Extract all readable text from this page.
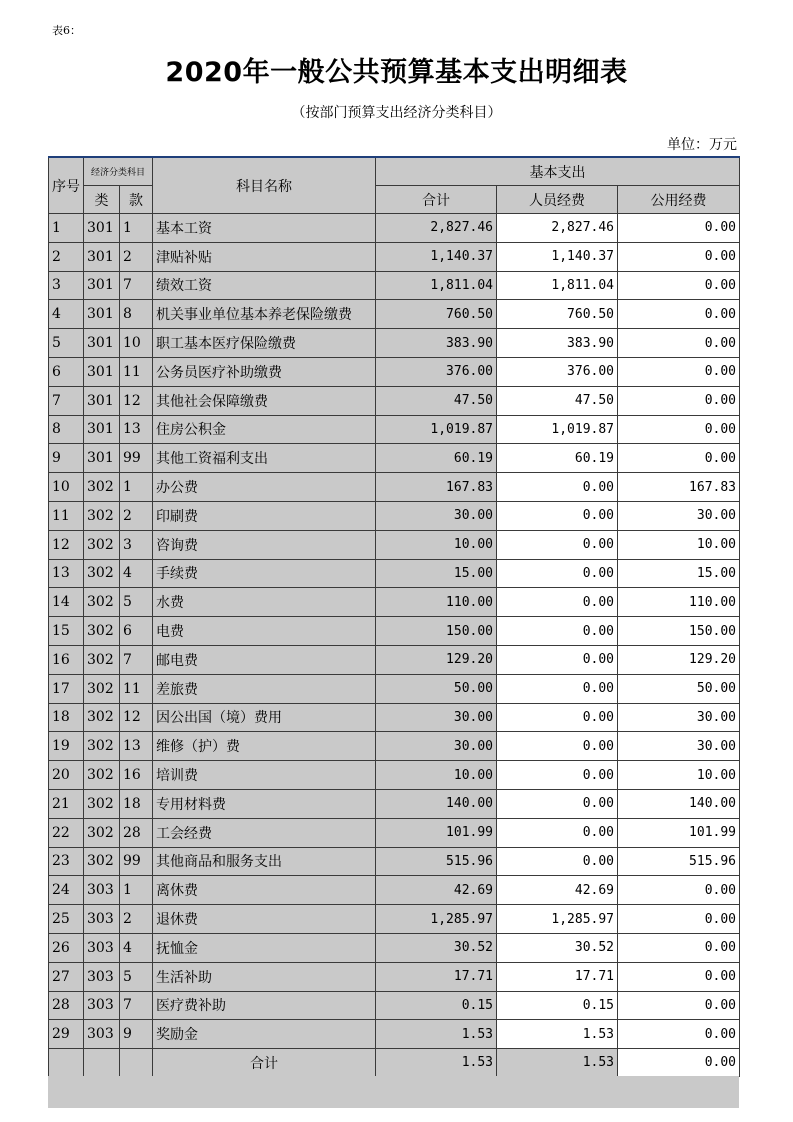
表6：
2020年一般公共预算基本支出明细表
（按部门预算支出经济分类科目）
单位：万元
序号	经济分类科目		科目名称	基本支出		
	类	款		合计	人员经费	公用经费
1	301	1	基本工资	2,827.46	2,827.46	0.00
2	301	2	津贴补贴	1,140.37	1,140.37	0.00
3	301	7	绩效工资	1,811.04	1,811.04	0.00
4	301	8	机关事业单位基本养老保险缴费	760.50	760.50	0.00
5	301	10	职工基本医疗保险缴费	383.90	383.90	0.00
6	301	11	公务员医疗补助缴费	376.00	376.00	0.00
7	301	12	其他社会保障缴费	47.50	47.50	0.00
8	301	13	住房公积金	1,019.87	1,019.87	0.00
9	301	99	其他工资福利支出	60.19	60.19	0.00
10	302	1	办公费	167.83	0.00	167.83
11	302	2	印刷费	30.00	0.00	30.00
12	302	3	咨询费	10.00	0.00	10.00
13	302	4	手续费	15.00	0.00	15.00
14	302	5	水费	110.00	0.00	110.00
15	302	6	电费	150.00	0.00	150.00
16	302	7	邮电费	129.20	0.00	129.20
17	302	11	差旅费	50.00	0.00	50.00
18	302	12	因公出国（境）费用	30.00	0.00	30.00
19	302	13	维修（护）费	30.00	0.00	30.00
20	302	16	培训费	10.00	0.00	10.00
21	302	18	专用材料费	140.00	0.00	140.00
22	302	28	工会经费	101.99	0.00	101.99
23	302	99	其他商品和服务支出	515.96	0.00	515.96
24	303	1	离休费	42.69	42.69	0.00
25	303	2	退休费	1,285.97	1,285.97	0.00
26	303	4	抚恤金	30.52	30.52	0.00
27	303	5	生活补助	17.71	17.71	0.00
28	303	7	医疗费补助	0.15	0.15	0.00
29	303	9	奖励金	1.53	1.53	0.00
			合计	1.53	1.53	0.00
